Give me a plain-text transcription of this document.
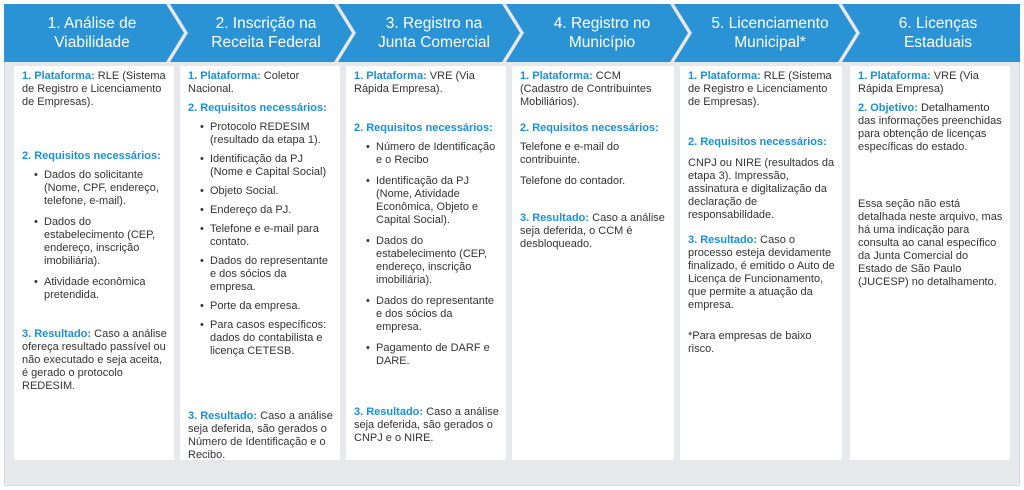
1. Análise de
Viabilidade
2. Inscrição na
Receita Federal
3. Registro na
Junta Comercial
4. Registro no
Município
5. Licenciamento
Municipal*
6. Licenças
Estaduais
1. Plataforma: RLE (Sistema de Registro e Licenciamento de Empresas).

2. Requisitos necessários:

• Dados do solicitante (Nome, CPF, endereço, telefone, e-mail).
• Dados do estabelecimento (CEP, endereço, inscrição imobiliária).
• Atividade econômica pretendida.
3. Resultado: Caso a análise ofereça resultado passível ou não executado e seja aceita, é gerado o protocolo REDESIM.
1. Plataforma: Coletor Nacional.

2. Requisitos necessários:

• Protocolo REDESIM (resultado da etapa 1).
• Identificação da PJ (Nome e Capital Social)
• Objeto Social.
• Endereço da PJ.
• Telefone e e-mail para contato.
• Dados do representante e dos sócios da empresa.
• Porte da empresa.
• Para casos específicos: dados do contabilista e licença CETESB.
3. Resultado: Caso a análise seja deferida, são gerados o Número de Identificação e o Recibo.
1. Plataforma: VRE (Via Rápida Empresa).

2. Requisitos necessários:

• Número de Identificação e o Recibo
• Identificação da PJ (Nome, Atividade Econômica, Objeto e Capital Social).
• Dados do estabelecimento (CEP, endereço, inscrição imobiliária).
• Dados do representante e dos sócios da empresa.
• Pagamento de DARF e DARE.
3. Resultado: Caso a análise seja deferida, são gerados o CNPJ e o NIRE.
1. Plataforma: CCM (Cadastro de Contribuintes Mobiliários).

2. Requisitos necessários:

Telefone e e-mail do contribuinte.

Telefone do contador.

3. Resultado: Caso a análise seja deferida, o CCM é desbloqueado.
1. Plataforma: RLE (Sistema de Registro e Licenciamento de Empresas).

2. Requisitos necessários:

CNPJ ou NIRE (resultados da etapa 3). Impressão, assinatura e digitalização da declaração de responsabilidade.

3. Resultado: Caso o processo esteja devidamente finalizado, é emitido o Auto de Licença de Funcionamento, que permite a atuação da empresa.
*Para empresas de baixo risco.
1. Plataforma: VRE (Via Rápida Empresa)
2. Objetivo: Detalhamento das informações preenchidas para obtenção de licenças específicas do estado.
Essa seção não está detalhada neste arquivo, mas há uma indicação para consulta ao canal específico da Junta Comercial do Estado de São Paulo (JUCESP) no detalhamento.
